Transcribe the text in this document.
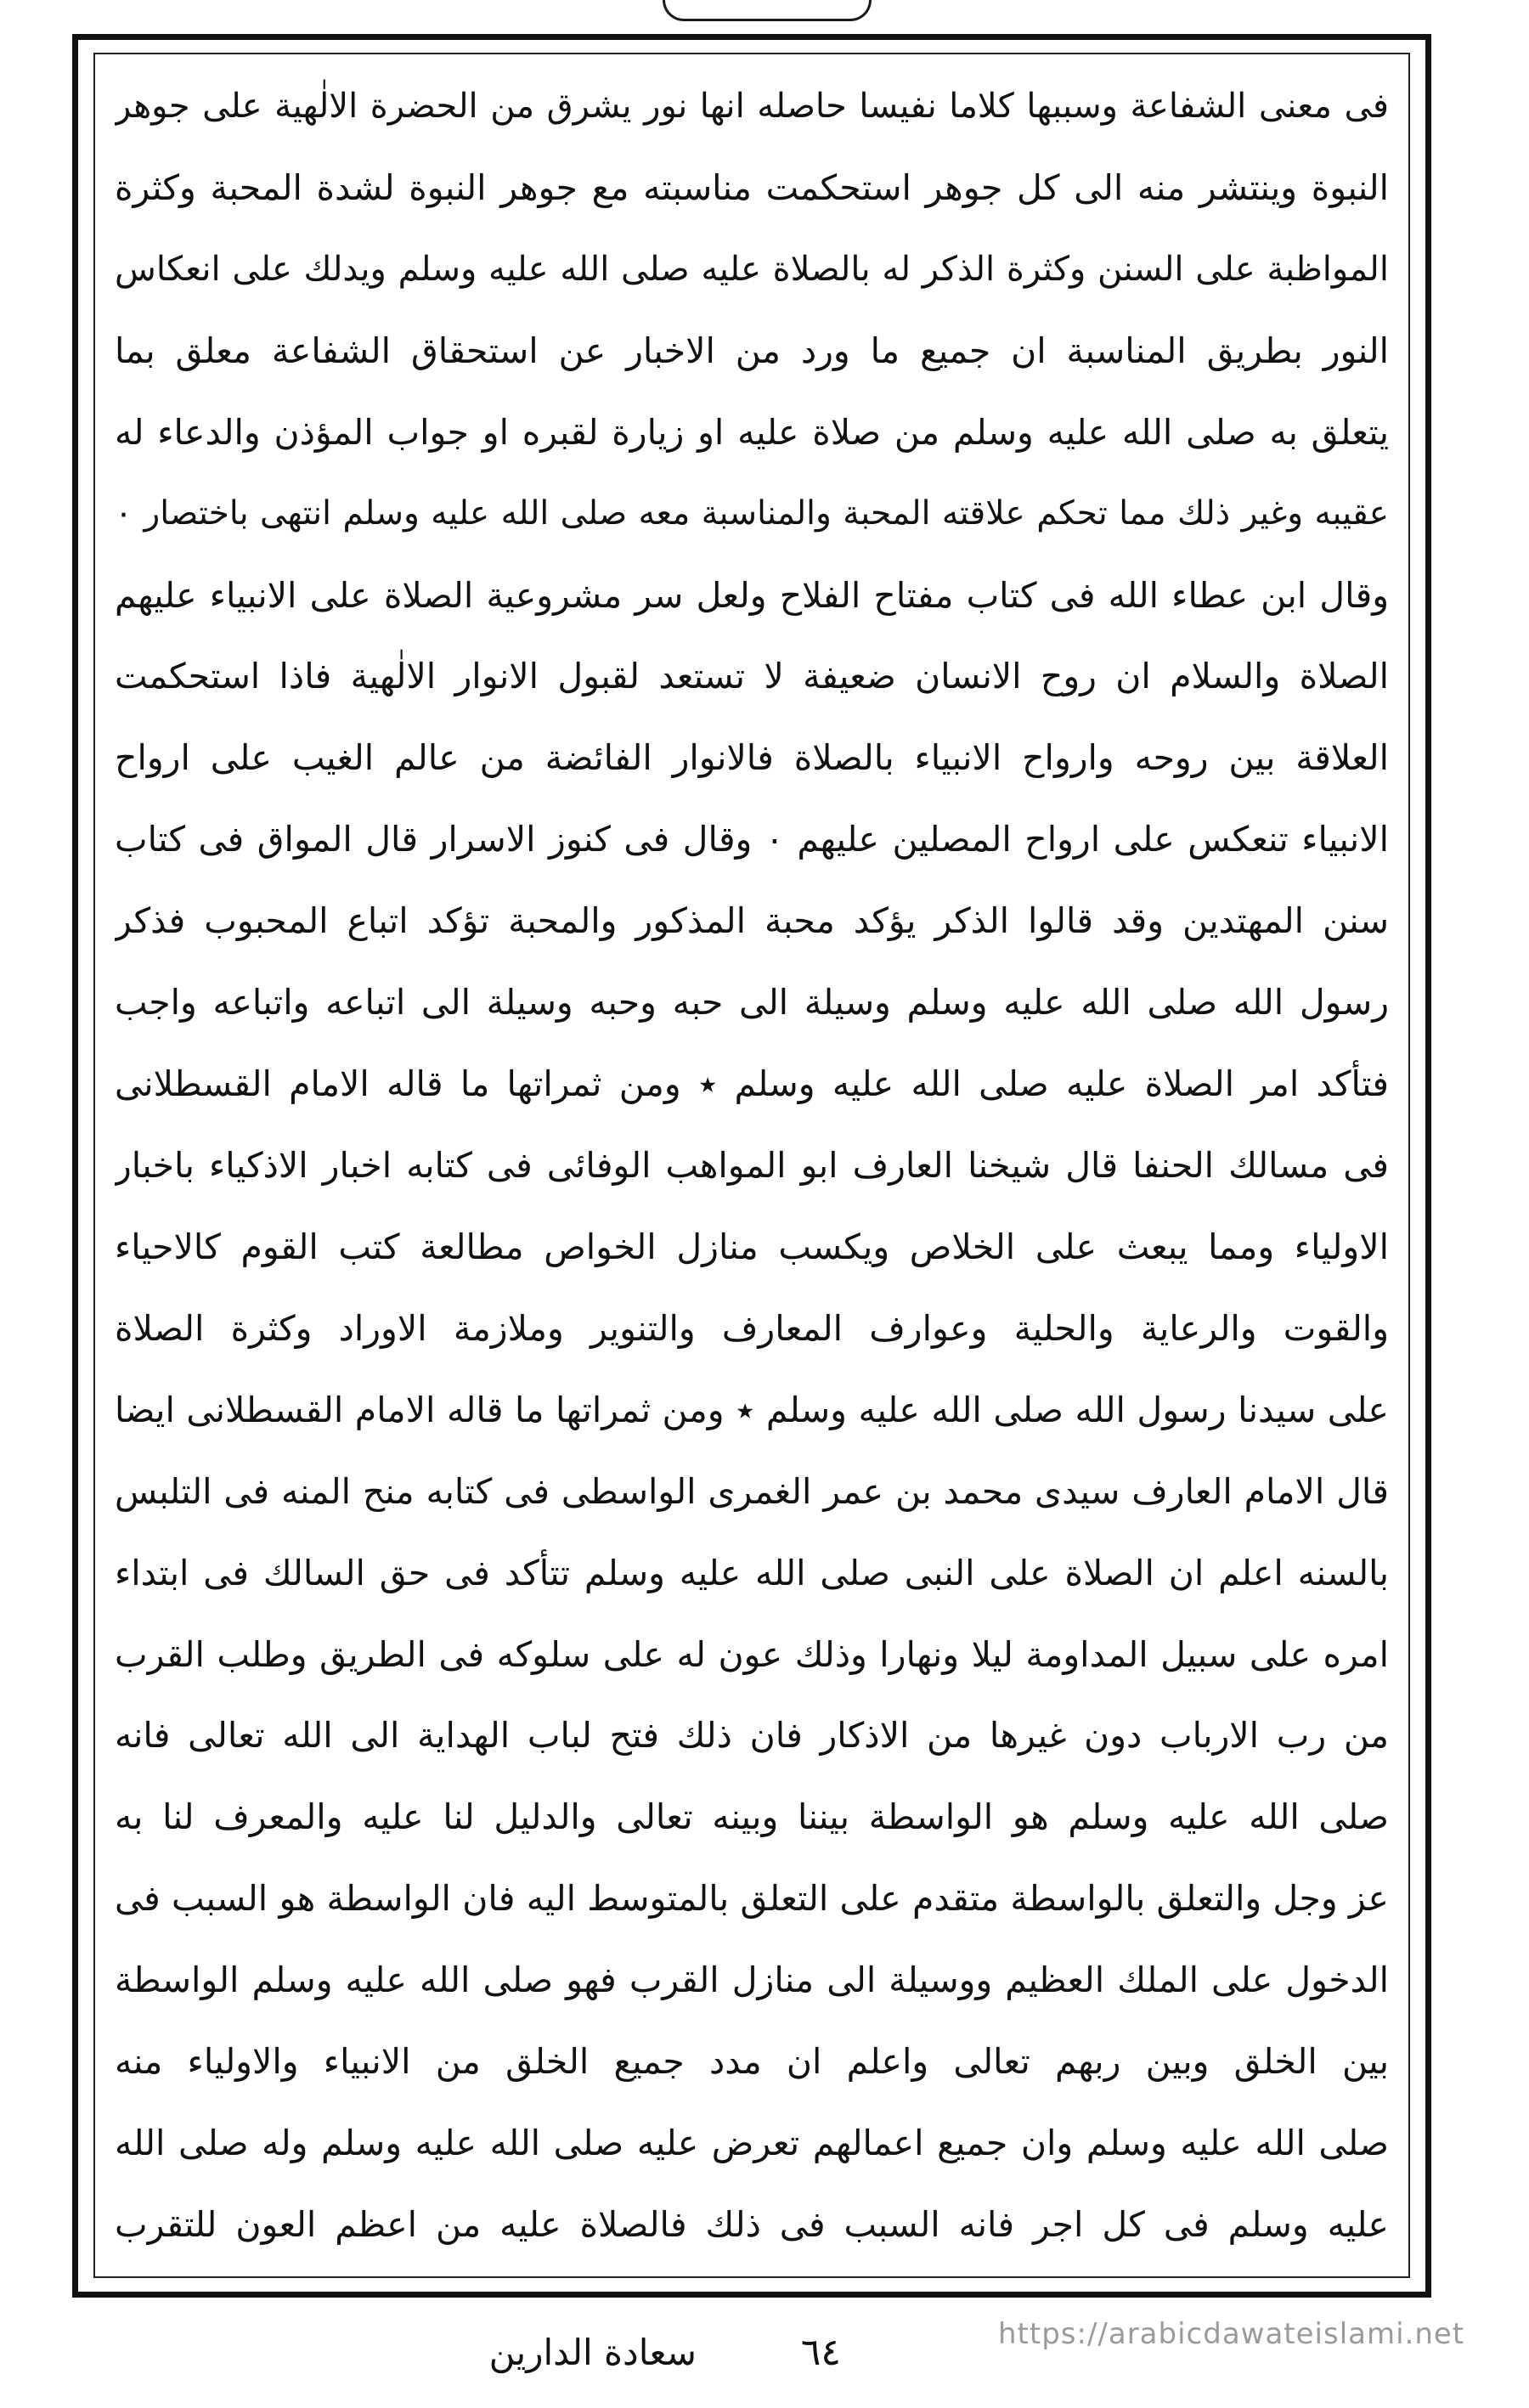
فى معنى الشفاعة وسببها كلاما نفيسا حاصله انها نور يشرق من الحضرة الالٰهية على جوهر
النبوة وينتشر منه الى كل جوهر استحكمت مناسبته مع جوهر النبوة لشدة المحبة وكثرة
المواظبة على السنن وكثرة الذكر له بالصلاة عليه صلى الله عليه وسلم ويدلك على انعكاس
النور بطريق المناسبة ان جميع ما ورد من الاخبار عن استحقاق الشفاعة معلق بما
يتعلق به صلى الله عليه وسلم من صلاة عليه او زيارة لقبره او جواب المؤذن والدعاء له
عقيبه وغير ذلك مما تحكم علاقته المحبة والمناسبة معه صلى الله عليه وسلم انتهى باختصار ٠
وقال ابن عطاء الله فى كتاب مفتاح الفلاح ولعل سر مشروعية الصلاة على الانبياء عليهم
الصلاة والسلام ان روح الانسان ضعيفة لا تستعد لقبول الانوار الالٰهية فاذا استحكمت
العلاقة بين روحه وارواح الانبياء بالصلاة فالانوار الفائضة من عالم الغيب على ارواح
الانبياء تنعكس على ارواح المصلين عليهم ٠ وقال فى كنوز الاسرار قال المواق فى كتاب
سنن المهتدين وقد قالوا الذكر يؤكد محبة المذكور والمحبة تؤكد اتباع المحبوب فذكر
رسول الله صلى الله عليه وسلم وسيلة الى حبه وحبه وسيلة الى اتباعه واتباعه واجب
فتأكد امر الصلاة عليه صلى الله عليه وسلم ٭ ومن ثمراتها ما قاله الامام القسطلانى
فى مسالك الحنفا قال شيخنا العارف ابو المواهب الوفائى فى كتابه اخبار الاذكياء باخبار
الاولياء ومما يبعث على الخلاص ويكسب منازل الخواص مطالعة كتب القوم كالاحياء
والقوت والرعاية والحلية وعوارف المعارف والتنوير وملازمة الاوراد وكثرة الصلاة
على سيدنا رسول الله صلى الله عليه وسلم ٭ ومن ثمراتها ما قاله الامام القسطلانى ايضا
قال الامام العارف سيدى محمد بن عمر الغمرى الواسطى فى كتابه منح المنه فى التلبس
بالسنه اعلم ان الصلاة على النبى صلى الله عليه وسلم تتأكد فى حق السالك فى ابتداء
امره على سبيل المداومة ليلا ونهارا وذلك عون له على سلوكه فى الطريق وطلب القرب
من رب الارباب دون غيرها من الاذكار فان ذلك فتح لباب الهداية الى الله تعالى فانه
صلى الله عليه وسلم هو الواسطة بيننا وبينه تعالى والدليل لنا عليه والمعرف لنا به
عز وجل والتعلق بالواسطة متقدم على التعلق بالمتوسط اليه فان الواسطة هو السبب فى
الدخول على الملك العظيم ووسيلة الى منازل القرب فهو صلى الله عليه وسلم الواسطة
بين الخلق وبين ربهم تعالى واعلم ان مدد جميع الخلق من الانبياء والاولياء منه
صلى الله عليه وسلم وان جميع اعمالهم تعرض عليه صلى الله عليه وسلم وله صلى الله
عليه وسلم فى كل اجر فانه السبب فى ذلك فالصلاة عليه من اعظم العون للتقرب
٦٤
سعادة الدارين	https://arabicdawateislami.net
